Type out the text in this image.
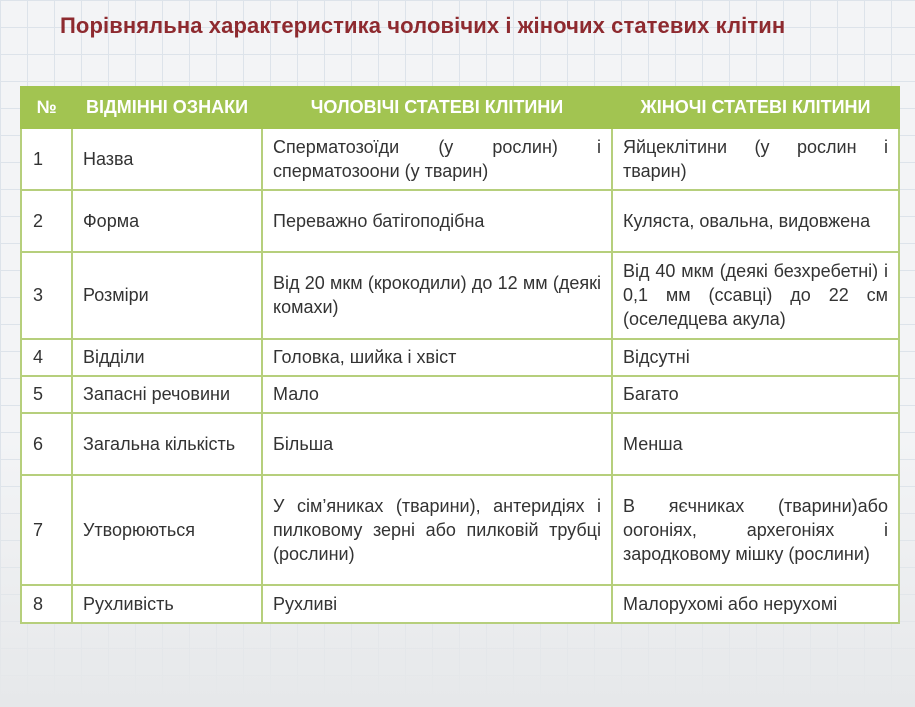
Порівняльна характеристика чоловічих і жіночих статевих клітин
№	ВІДМІННІ ОЗНАКИ	ЧОЛОВІЧІ СТАТЕВІ КЛІТИНИ	ЖІНОЧІ СТАТЕВІ КЛІТИНИ
1	Назва	Сперматозоїди (у рослин) і сперматозоони (у тварин)	Яйцеклітини (у рослин і тварин)
2	Форма	Переважно батігоподібна	Куляста, овальна, видовжена
3	Розміри	Від 20 мкм (крокодили) до 12 мм (деякі комахи)	Від 40 мкм (деякі безхребетні) і 0,1 мм (ссавці) до 22 см (оселедцева акула)
4	Відділи	Головка, шийка і хвіст	Відсутні
5	Запасні речовини	Мало	Багато
6	Загальна кількість	Більша	Менша
7	Утворюються	У сім’яниках (тварини), антеридіях і пилковому зерні або пилковій трубці (рослини)	В яєчниках (тварини)або оогоніях, архегоніях і зародковому мішку (рослини)
8	Рухливість	Рухливі	Малорухомі або нерухомі
